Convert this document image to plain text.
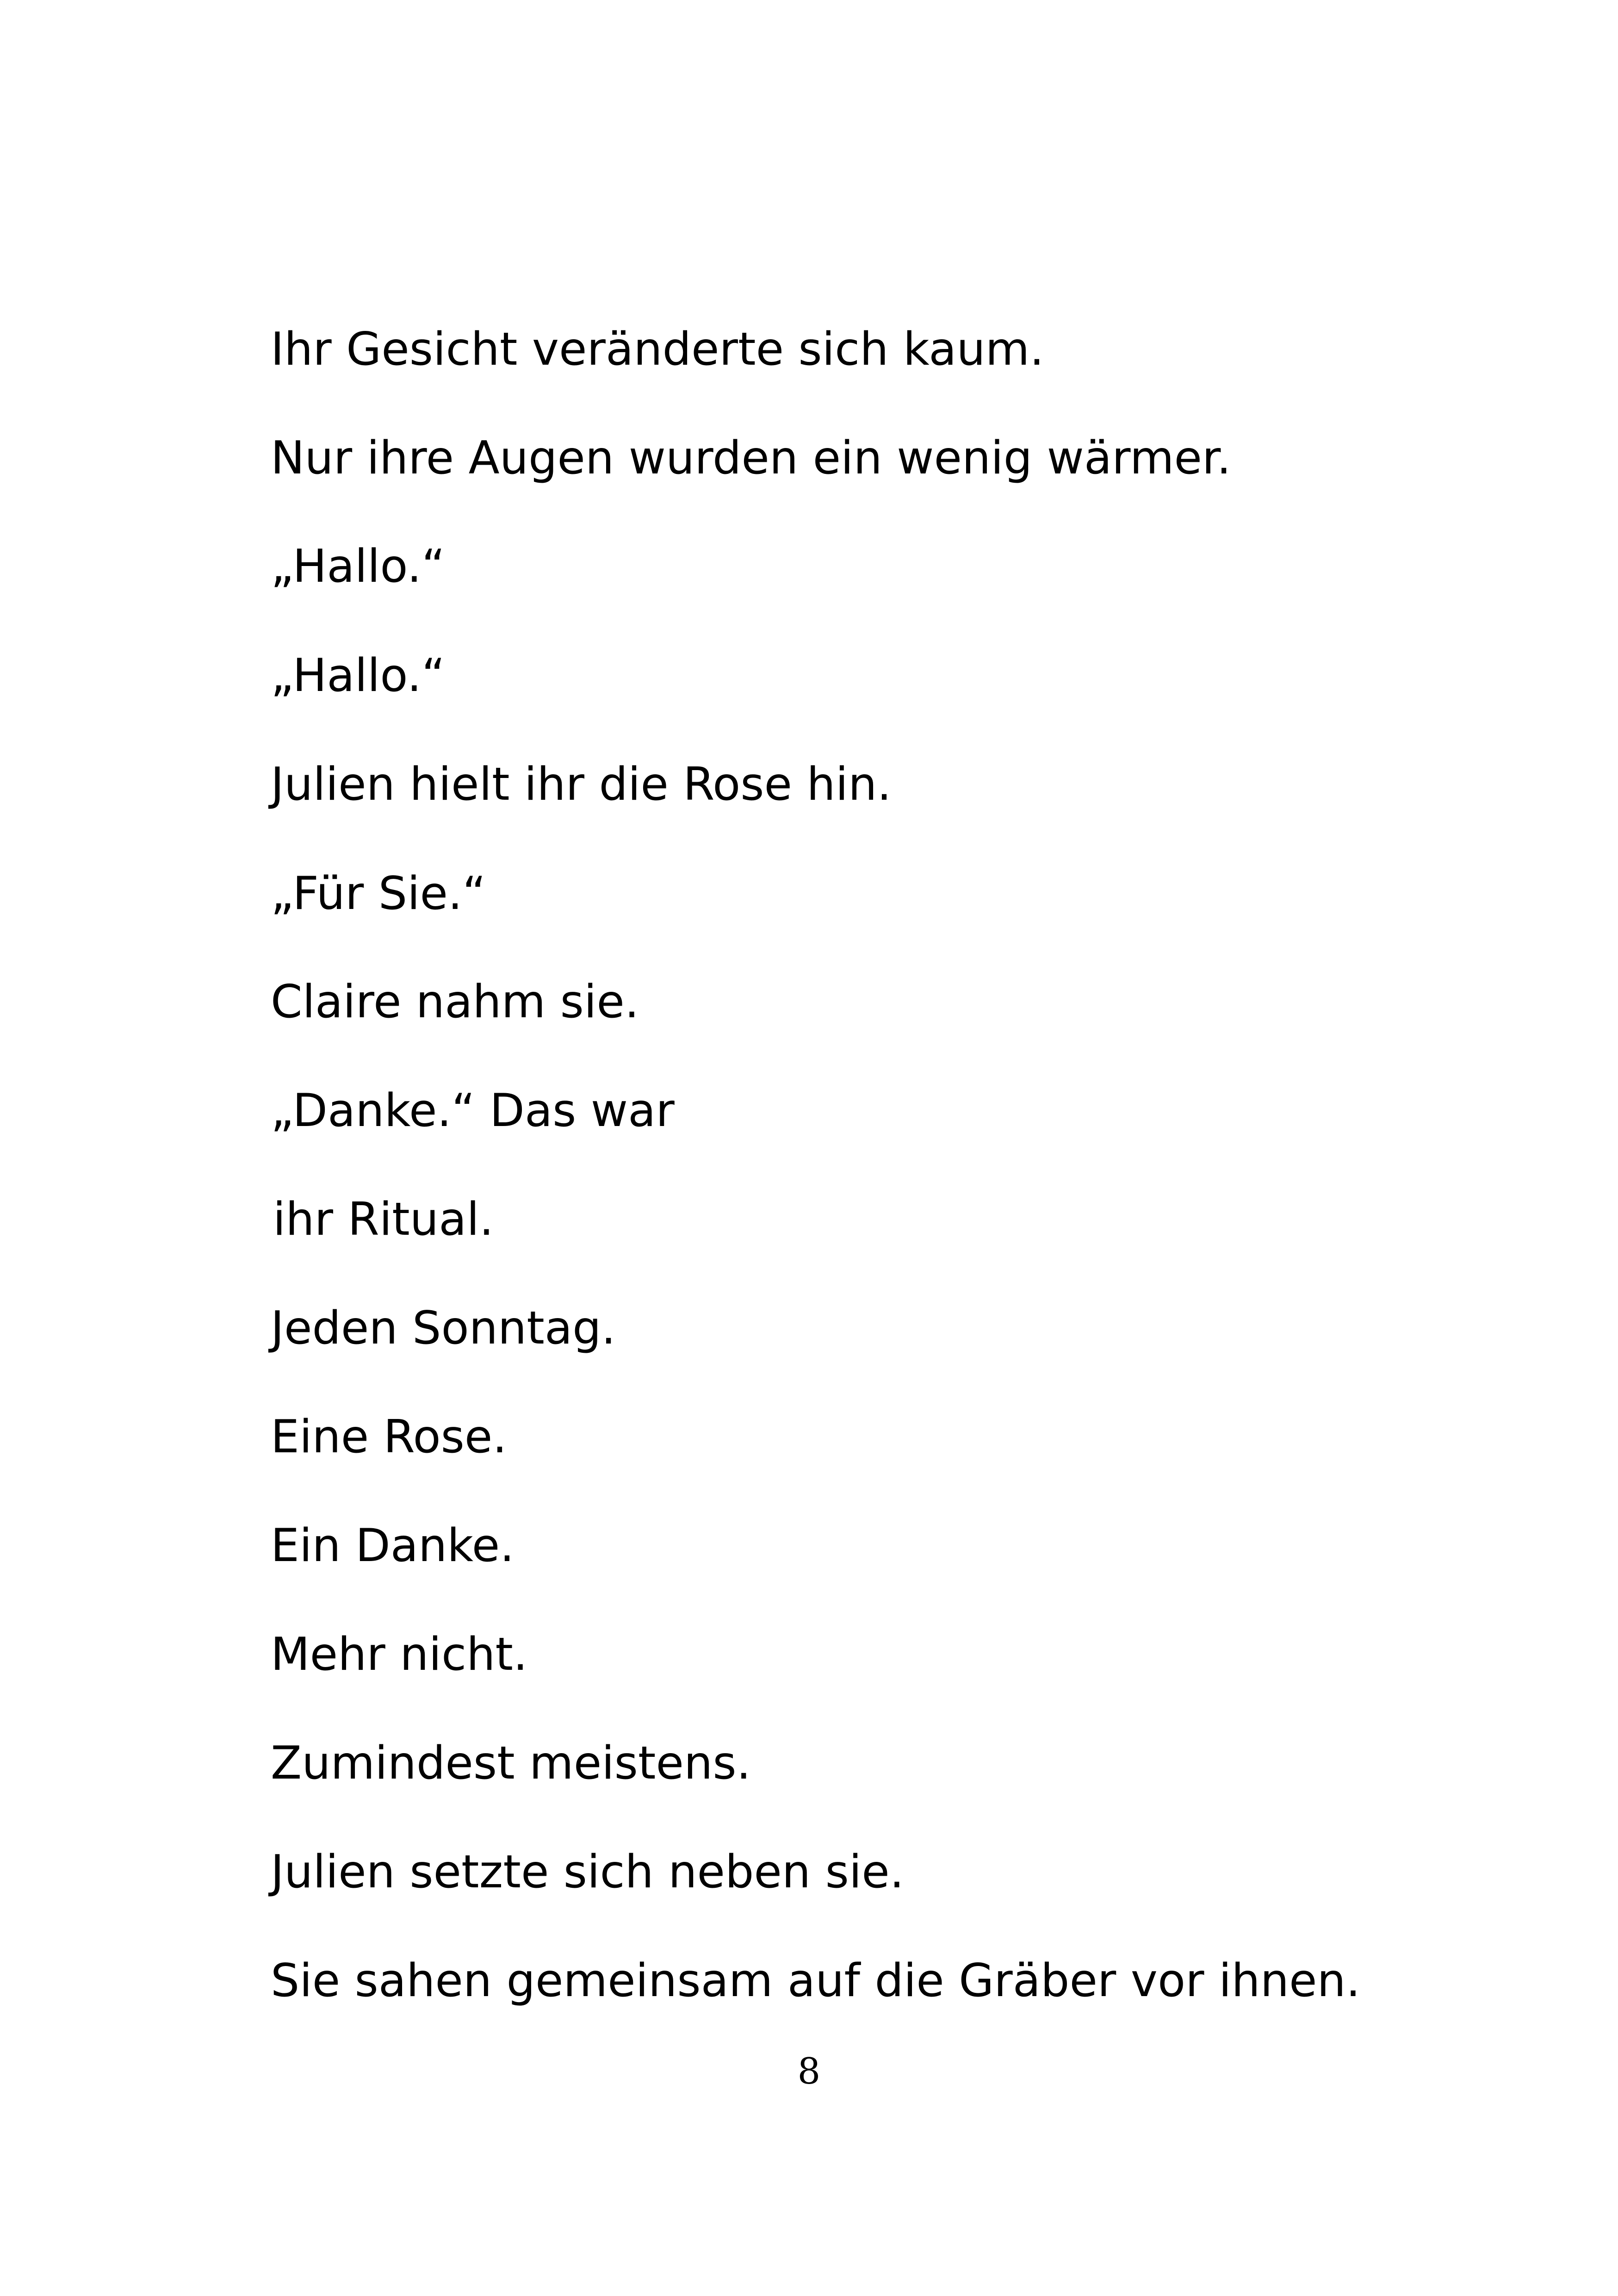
Ihr Gesicht veränderte sich kaum.

Nur ihre Augen wurden ein wenig wärmer.

„Hallo.“

„Hallo.“

Julien hielt ihr die Rose hin.

„Für Sie.“

Claire nahm sie.

„Danke.“ Das war

ihr Ritual.

Jeden Sonntag.

Eine Rose.

Ein Danke.

Mehr nicht.

Zumindest meistens.

Julien setzte sich neben sie.

Sie sahen gemeinsam auf die Gräber vor ihnen.

8
